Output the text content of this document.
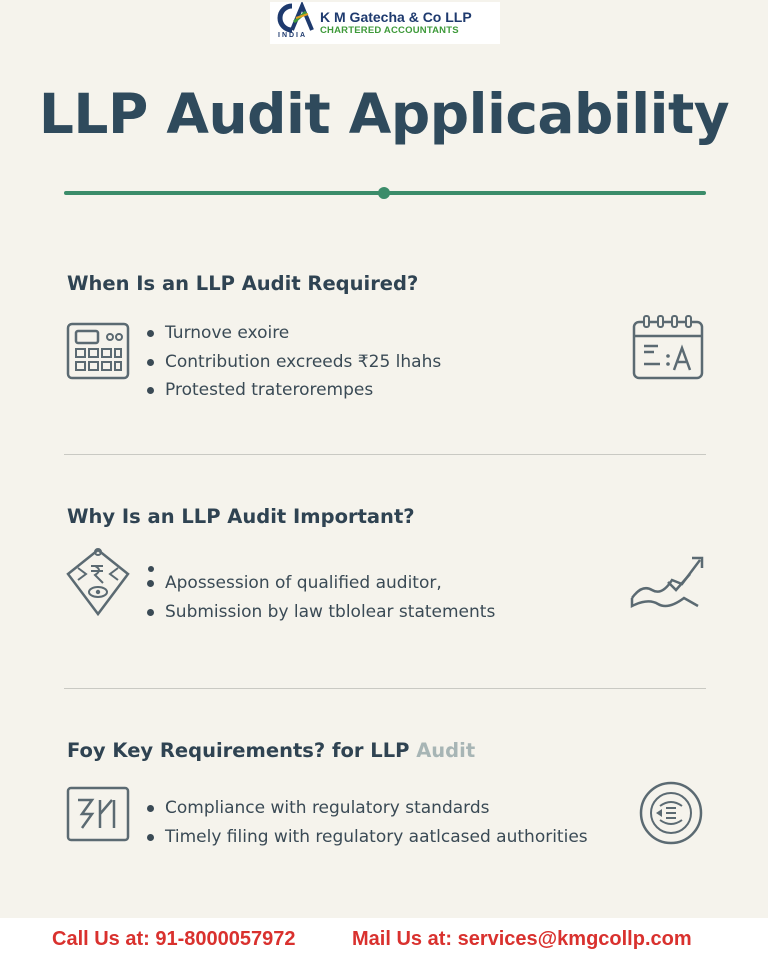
INDIA
K M Gatecha & Co LLP
CHARTERED ACCOUNTANTS
LLP Audit Applicability
When Is an LLP Audit Required?
Turnove exoire
Contribution excreeds ₹25 lhahs
Protested traterorempes
Why Is an LLP Audit Important?
Apossession of qualified auditor,
Submission by law tblolear statements
Foy Key Requirements? for LLP Audit
Compliance with regulatory standards
Timely filing with regulatory aatlcased authorities
Call Us at: 91-8000057972	Mail Us at: services@kmgcollp.com
